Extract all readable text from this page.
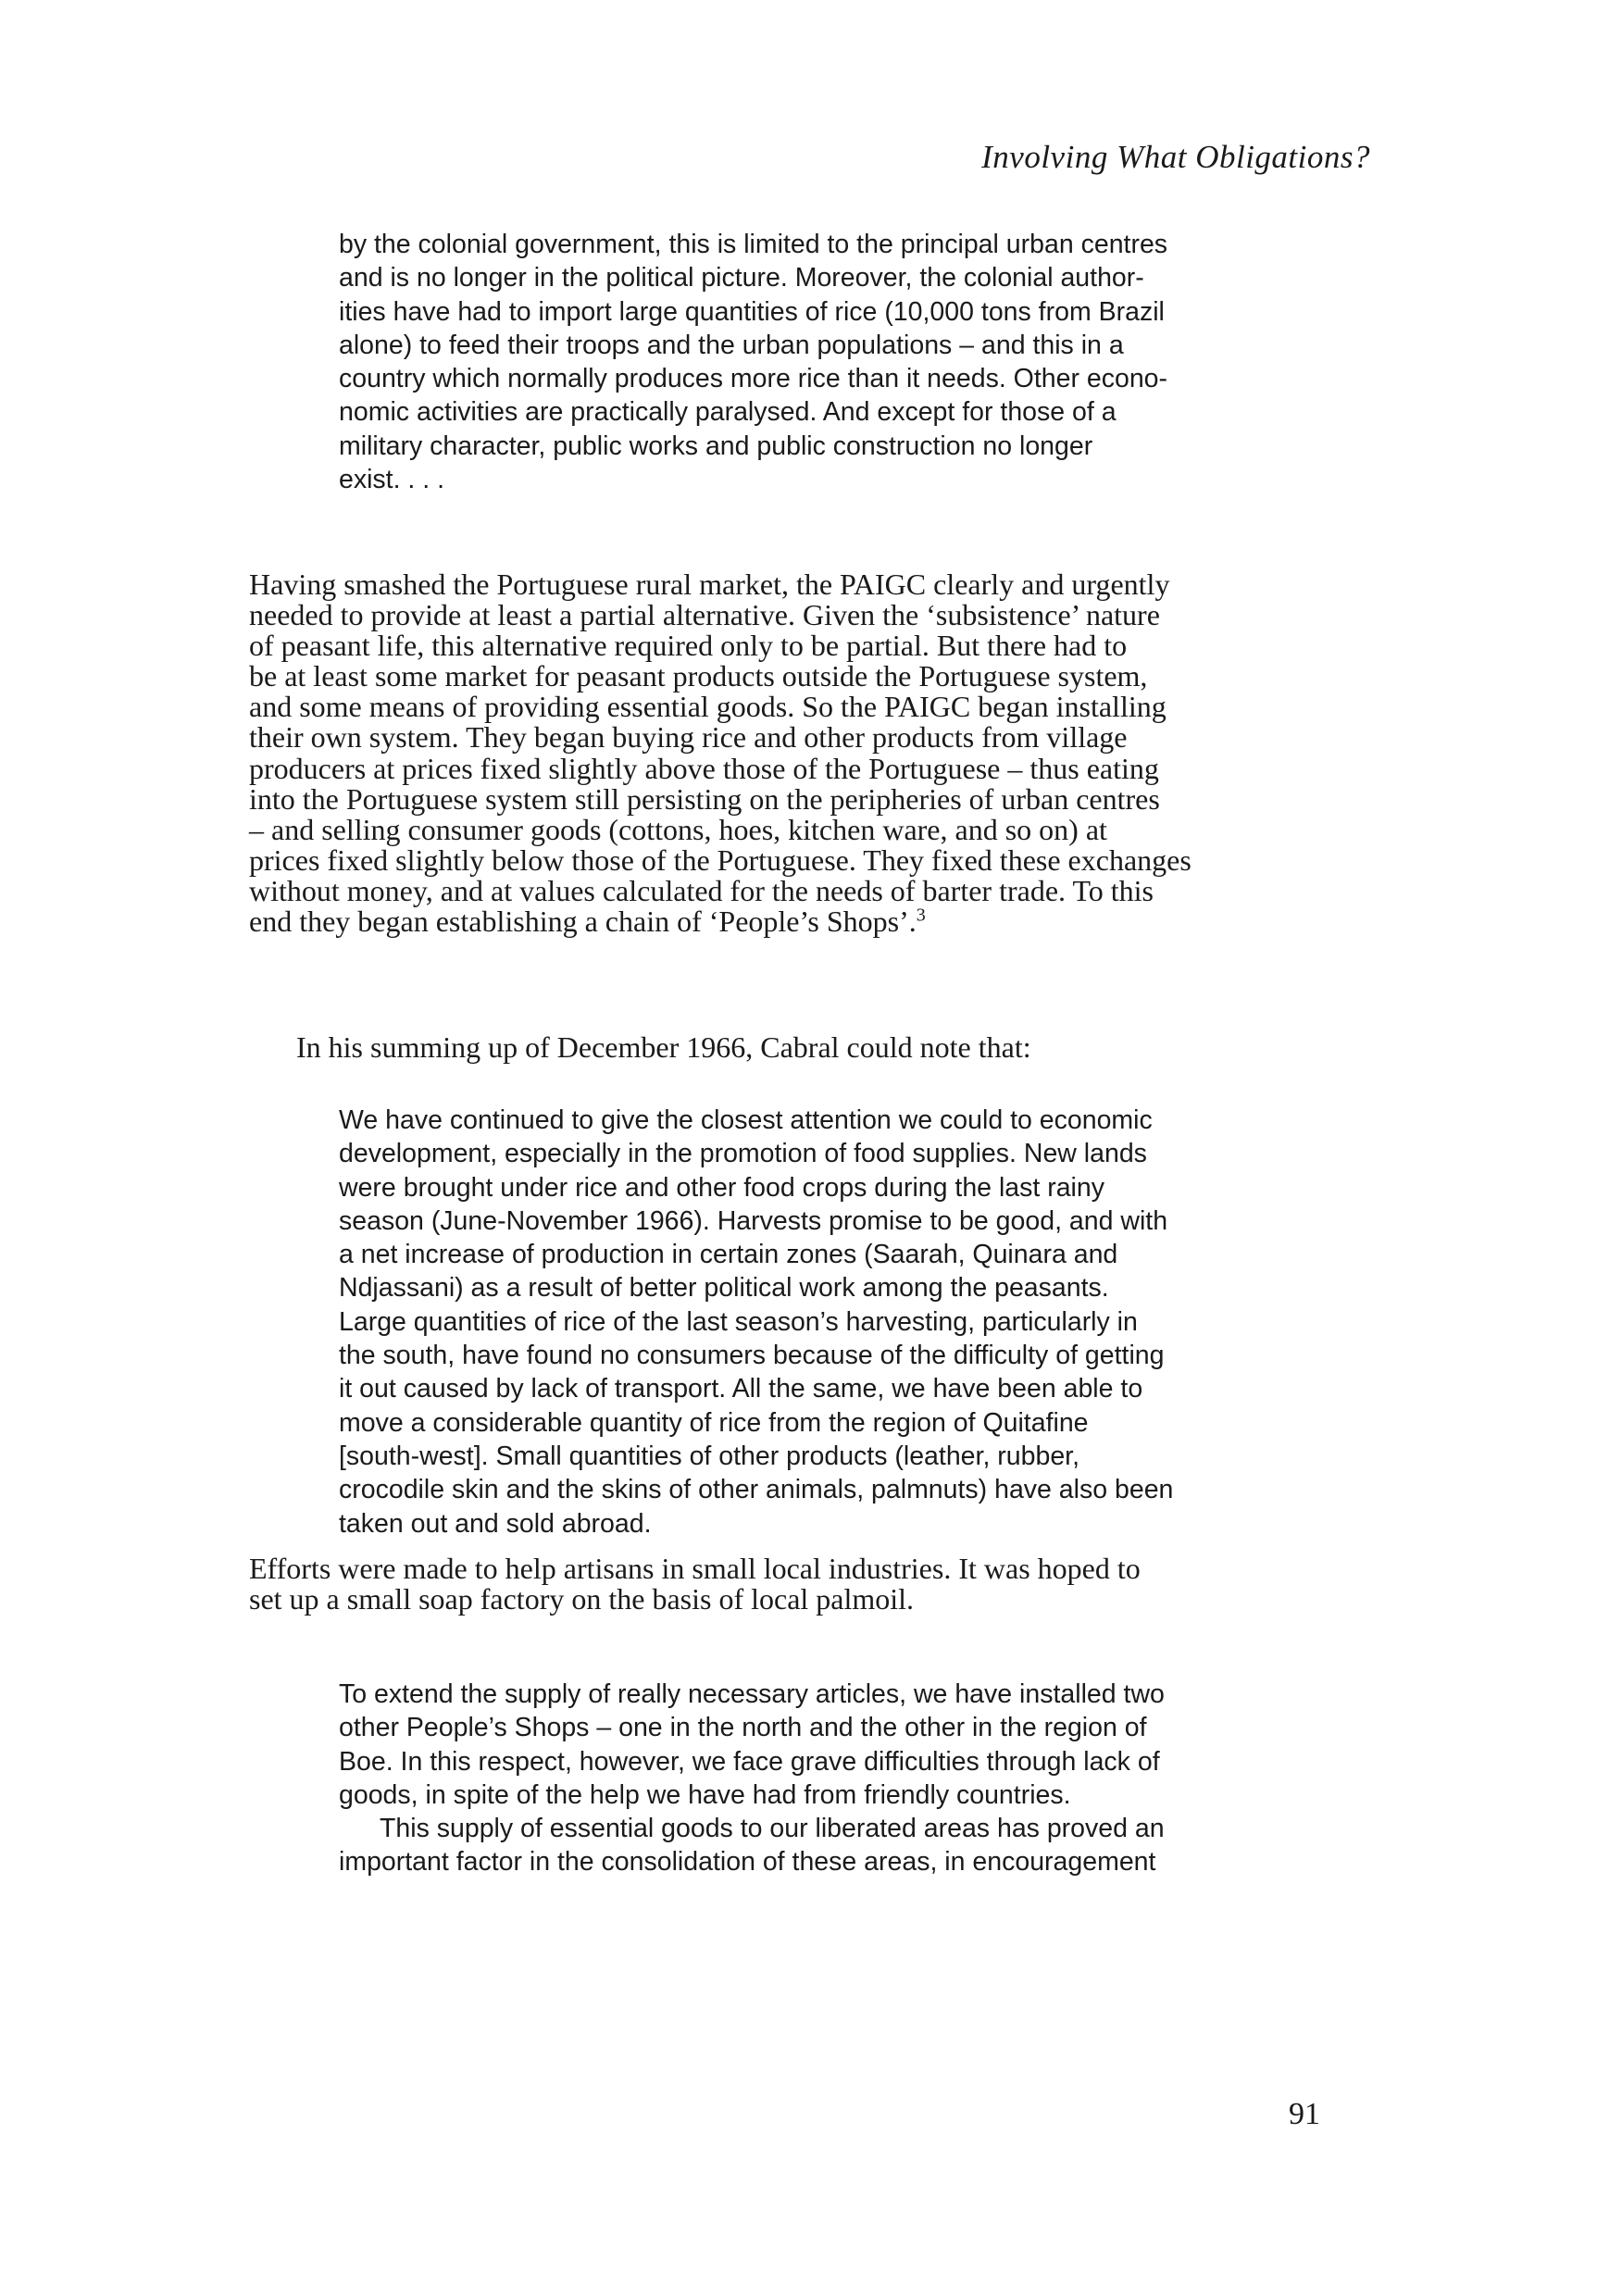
Involving What Obligations?
by the colonial government, this is limited to the principal urban centres
and is no longer in the political picture. Moreover, the colonial author-
ities have had to import large quantities of rice (10,000 tons from Brazil
alone) to feed their troops and the urban populations – and this in a
country which normally produces more rice than it needs. Other econo-
nomic activities are practically paralysed. And except for those of a
military character, public works and public construction no longer
exist. . . .
Having smashed the Portuguese rural market, the PAIGC clearly and urgently
needed to provide at least a partial alternative. Given the ‘subsistence’ nature
of peasant life, this alternative required only to be partial. But there had to
be at least some market for peasant products outside the Portuguese system,
and some means of providing essential goods. So the PAIGC began installing
their own system. They began buying rice and other products from village
producers at prices fixed slightly above those of the Portuguese – thus eating
into the Portuguese system still persisting on the peripheries of urban centres
– and selling consumer goods (cottons, hoes, kitchen ware, and so on) at
prices fixed slightly below those of the Portuguese. They fixed these exchanges
without money, and at values calculated for the needs of barter trade. To this
end they began establishing a chain of ‘People’s Shops’.$^3$
In his summing up of December 1966, Cabral could note that:
We have continued to give the closest attention we could to economic
development, especially in the promotion of food supplies. New lands
were brought under rice and other food crops during the last rainy
season (June-November 1966). Harvests promise to be good, and with
a net increase of production in certain zones (Saarah, Quinara and
Ndjassani) as a result of better political work among the peasants.
Large quantities of rice of the last season’s harvesting, particularly in
the south, have found no consumers because of the difficulty of getting
it out caused by lack of transport. All the same, we have been able to
move a considerable quantity of rice from the region of Quitafine
[south-west]. Small quantities of other products (leather, rubber,
crocodile skin and the skins of other animals, palmnuts) have also been
taken out and sold abroad.
Efforts were made to help artisans in small local industries. It was hoped to
set up a small soap factory on the basis of local palmoil.
To extend the supply of really necessary articles, we have installed two
other People’s Shops – one in the north and the other in the region of
Boe. In this respect, however, we face grave difficulties through lack of
goods, in spite of the help we have had from friendly countries.
This supply of essential goods to our liberated areas has proved an
important factor in the consolidation of these areas, in encouragement
91
